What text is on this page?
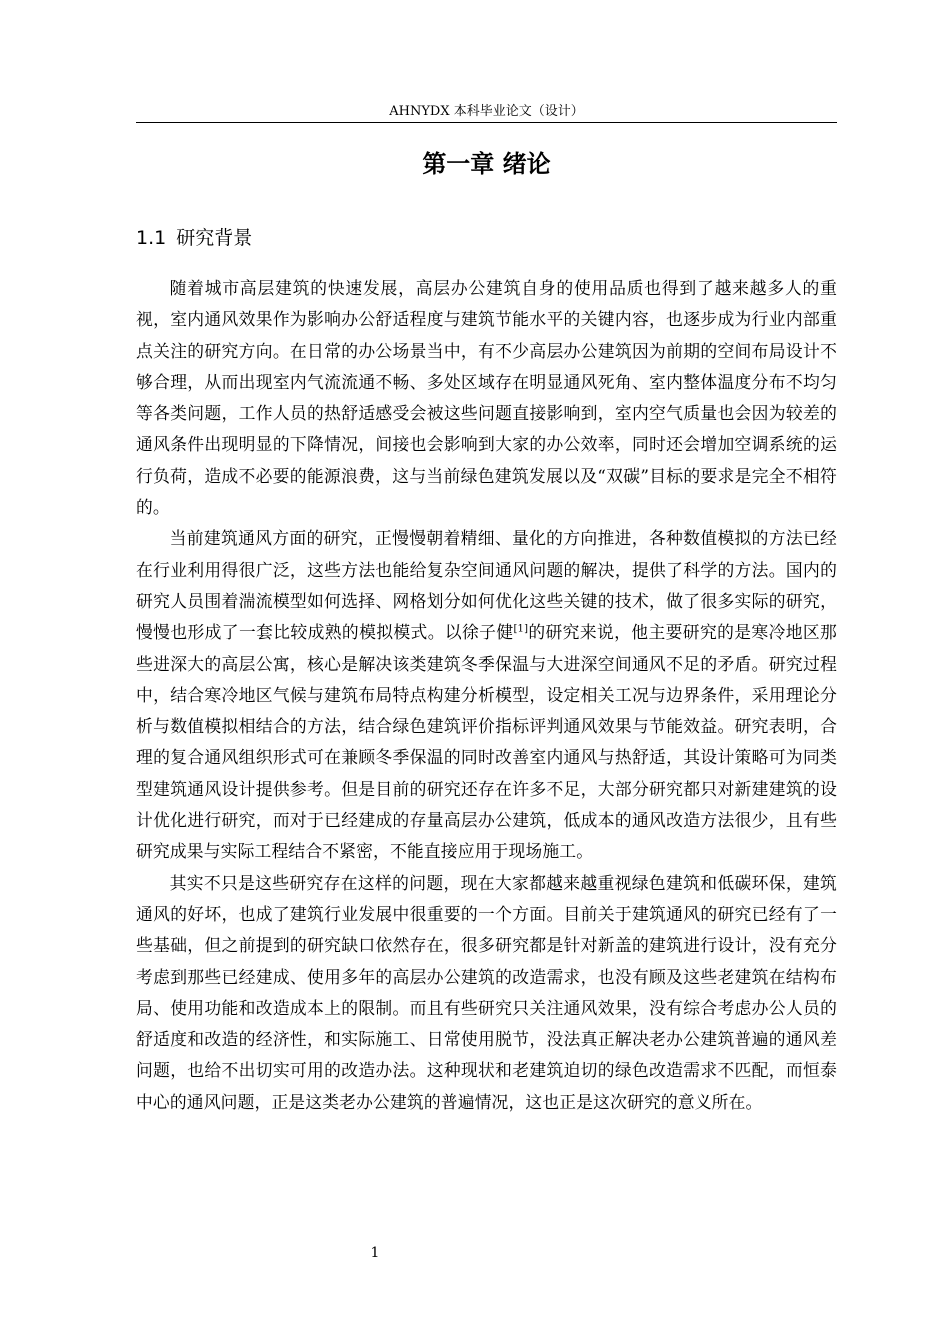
AHNYDX 本科毕业论文（设计）
第一章 绪论
1.1 研究背景

随着城市高层建筑的快速发展，高层办公建筑自身的使用品质也得到了越来越多人的重视，室内通风效果作为影响办公舒适程度与建筑节能水平的关键内容，也逐步成为行业内部重点关注的研究方向。在日常的办公场景当中，有不少高层办公建筑因为前期的空间布局设计不够合理，从而出现室内气流流通不畅、多处区域存在明显通风死角、室内整体温度分布不均匀等各类问题，工作人员的热舒适感受会被这些问题直接影响到，室内空气质量也会因为较差的通风条件出现明显的下降情况，间接也会影响到大家的办公效率，同时还会增加空调系统的运行负荷，造成不必要的能源浪费，这与当前绿色建筑发展以及“双碳”目标的要求是完全不相符的。

当前建筑通风方面的研究，正慢慢朝着精细、量化的方向推进，各种数值模拟的方法已经在行业利用得很广泛，这些方法也能给复杂空间通风问题的解决，提供了科学的方法。国内的研究人员围着湍流模型如何选择、网格划分如何优化这些关键的技术，做了很多实际的研究，慢慢也形成了一套比较成熟的模拟模式。以徐子健[1]的研究来说，他主要研究的是寒冷地区那些进深大的高层公寓，核心是解决该类建筑冬季保温与大进深空间通风不足的矛盾。研究过程中，结合寒冷地区气候与建筑布局特点构建分析模型，设定相关工况与边界条件，采用理论分析与数值模拟相结合的方法，结合绿色建筑评价指标评判通风效果与节能效益。研究表明，合理的复合通风组织形式可在兼顾冬季保温的同时改善室内通风与热舒适，其设计策略可为同类型建筑通风设计提供参考。但是目前的研究还存在许多不足，大部分研究都只对新建建筑的设计优化进行研究，而对于已经建成的存量高层办公建筑，低成本的通风改造方法很少，且有些研究成果与实际工程结合不紧密，不能直接应用于现场施工。

其实不只是这些研究存在这样的问题，现在大家都越来越重视绿色建筑和低碳环保，建筑通风的好坏，也成了建筑行业发展中很重要的一个方面。目前关于建筑通风的研究已经有了一些基础，但之前提到的研究缺口依然存在，很多研究都是针对新盖的建筑进行设计，没有充分考虑到那些已经建成、使用多年的高层办公建筑的改造需求，也没有顾及这些老建筑在结构布局、使用功能和改造成本上的限制。而且有些研究只关注通风效果，没有综合考虑办公人员的舒适度和改造的经济性，和实际施工、日常使用脱节，没法真正解决老办公建筑普遍的通风差问题，也给不出切实可用的改造办法。这种现状和老建筑迫切的绿色改造需求不匹配，而恒泰中心的通风问题，正是这类老办公建筑的普遍情况，这也正是这次研究的意义所在。

1
